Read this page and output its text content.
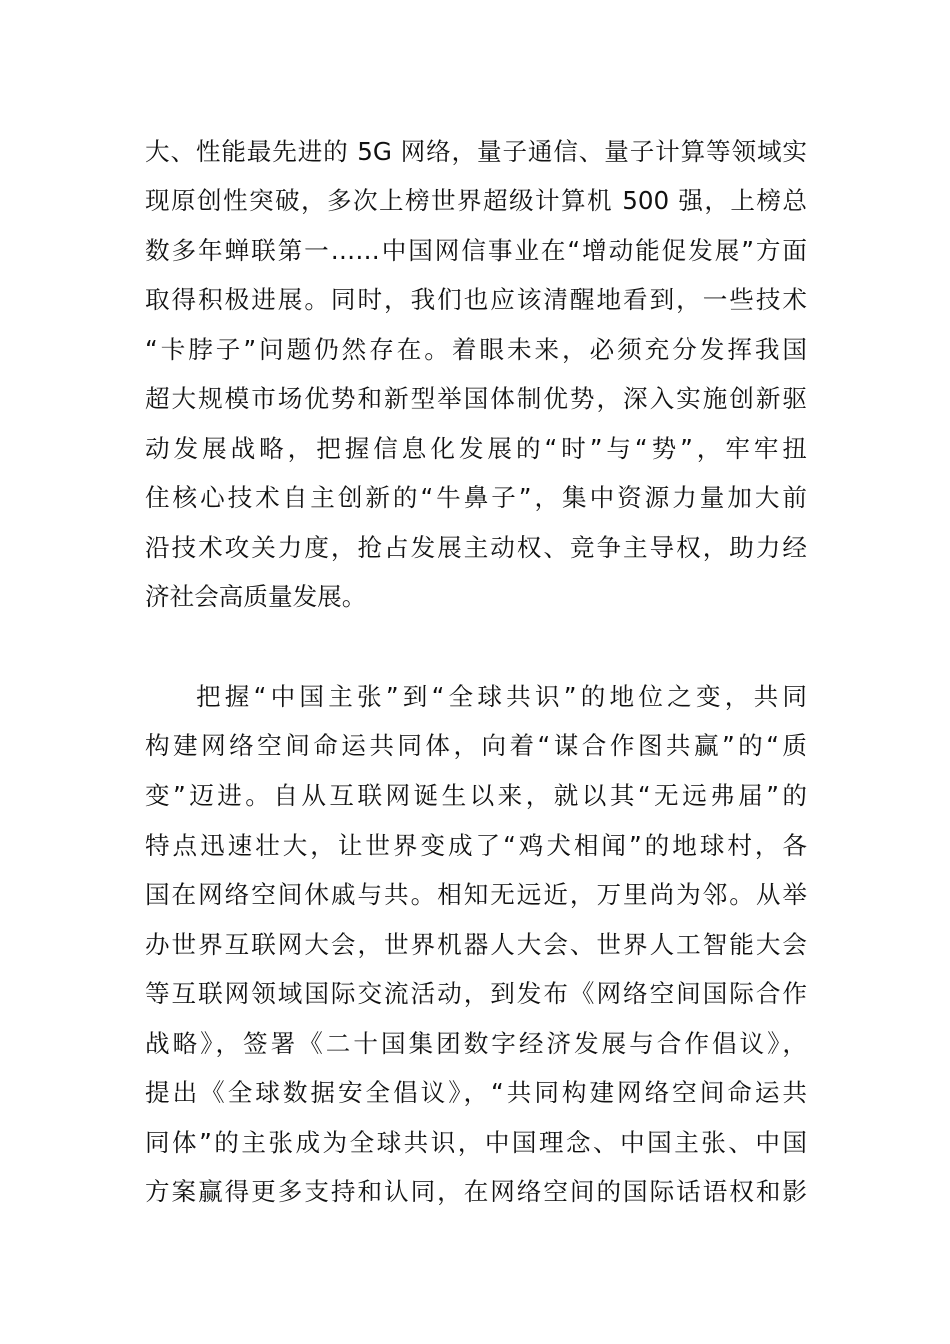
大、性能最先进的 5G 网络，量子通信、量子计算等领域实
现原创性突破，多次上榜世界超级计算机 500 强，上榜总
数多年蝉联第一……中国网信事业在“增动能促发展”方面
取得积极进展。同时，我们也应该清醒地看到，一些技术
“卡脖子”问题仍然存在。着眼未来，必须充分发挥我国
超大规模市场优势和新型举国体制优势，深入实施创新驱
动发展战略，把握信息化发展的“时”与“势”，牢牢扭
住核心技术自主创新的“牛鼻子”，集中资源力量加大前
沿技术攻关力度，抢占发展主动权、竞争主导权，助力经
济社会高质量发展。
把握“中国主张”到“全球共识”的地位之变，共同
构建网络空间命运共同体，向着“谋合作图共赢”的“质
变”迈进。自从互联网诞生以来，就以其“无远弗届”的
特点迅速壮大，让世界变成了“鸡犬相闻”的地球村，各
国在网络空间休戚与共。相知无远近，万里尚为邻。从举
办世界互联网大会，世界机器人大会、世界人工智能大会
等互联网领域国际交流活动，到发布《网络空间国际合作
战略》，签署《二十国集团数字经济发展与合作倡议》，
提出《全球数据安全倡议》，“共同构建网络空间命运共
同体”的主张成为全球共识，中国理念、中国主张、中国
方案赢得更多支持和认同，在网络空间的国际话语权和影
